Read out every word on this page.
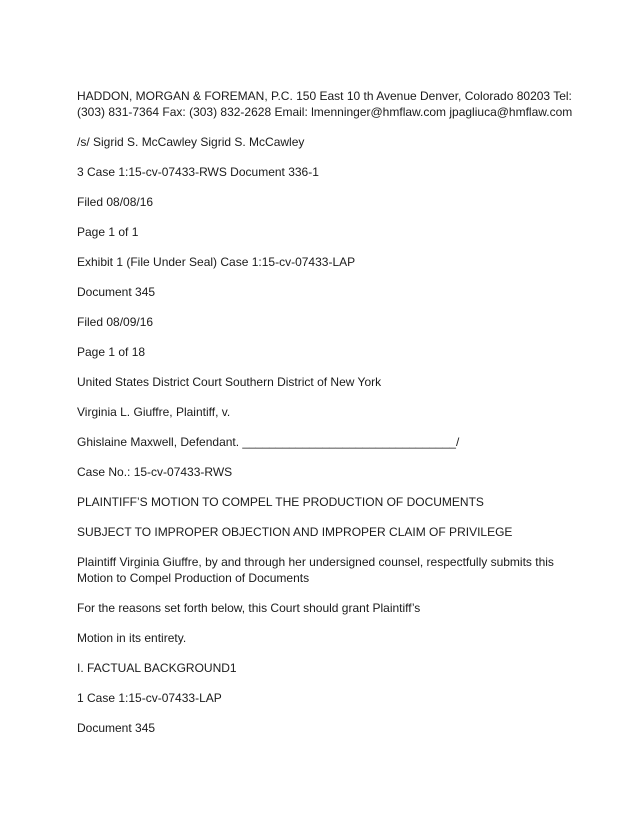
HADDON, MORGAN & FOREMAN, P.C. 150 East 10 th Avenue Denver, Colorado 80203 Tel: (303) 831-7364 Fax: (303) 832-2628 Email: lmenninger@hmflaw.com jpagliuca@hmflaw.com

/s/ Sigrid S. McCawley Sigrid S. McCawley

3 Case 1:15-cv-07433-RWS Document 336-1

Filed 08/08/16

Page 1 of 1

Exhibit 1 (File Under Seal) Case 1:15-cv-07433-LAP

Document 345

Filed 08/09/16

Page 1 of 18

United States District Court Southern District of New York

Virginia L. Giuffre, Plaintiff, v.

Ghislaine Maxwell, Defendant. ________________________________/

Case No.: 15-cv-07433-RWS

PLAINTIFF’S MOTION TO COMPEL THE PRODUCTION OF DOCUMENTS

SUBJECT TO IMPROPER OBJECTION AND IMPROPER CLAIM OF PRIVILEGE

Plaintiff Virginia Giuffre, by and through her undersigned counsel, respectfully submits this Motion to Compel Production of Documents

For the reasons set forth below, this Court should grant Plaintiff’s

Motion in its entirety.

I. FACTUAL BACKGROUND1

1 Case 1:15-cv-07433-LAP

Document 345
